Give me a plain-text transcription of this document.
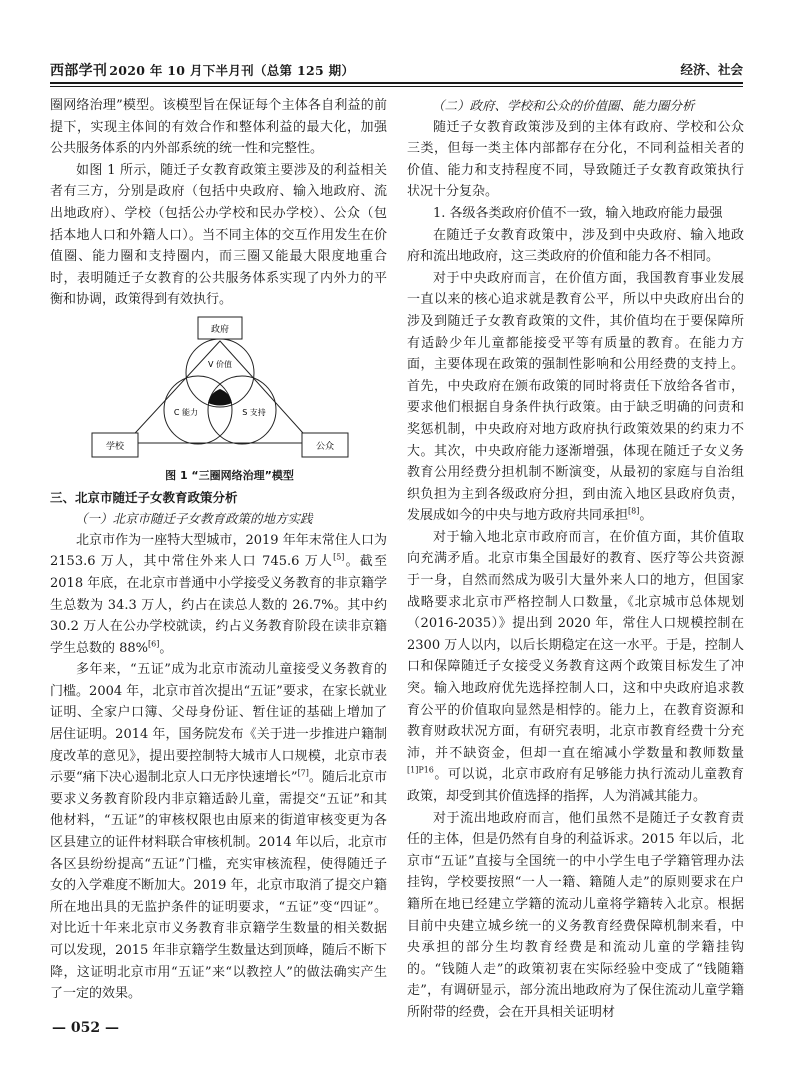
西部学刊 2020 年 10 月下半月刊（总第 125 期）	经济、社会

圈网络治理”模型。该模型旨在保证每个主体各自利益的前提下，实现主体间的有效合作和整体利益的最大化，加强公共服务体系的内外部系统的统一性和完整性。

如图 1 所示，随迁子女教育政策主要涉及的利益相关者有三方，分别是政府（包括中央政府、输入地政府、流出地政府）、学校（包括公办学校和民办学校）、公众（包括本地人口和外籍人口）。当不同主体的交互作用发生在价值圈、能力圈和支持圈内，而三圈又能最大限度地重合时，表明随迁子女教育的公共服务体系实现了内外力的平衡和协调，政策得到有效执行。

政府
学校	公众
V 价值
C 能力	S 支持

图 1 “三圈网络治理”模型

三、北京市随迁子女教育政策分析

（一）北京市随迁子女教育政策的地方实践

北京市作为一座特大型城市，2019 年年末常住人口为 2153.6 万人，其中常住外来人口 745.6 万人[5]。截至 2018 年底，在北京市普通中小学接受义务教育的非京籍学生总数为 34.3 万人，约占在读总人数的 26.7%。其中约 30.2 万人在公办学校就读，约占义务教育阶段在读非京籍学生总数的 88%[6]。

多年来，“五证”成为北京市流动儿童接受义务教育的门槛。2004 年，北京市首次提出“五证”要求，在家长就业证明、全家户口簿、父母身份证、暂住证的基础上增加了居住证明。2014 年，国务院发布《关于进一步推进户籍制度改革的意见》，提出要控制特大城市人口规模，北京市表示要“痛下决心遏制北京人口无序快速增长”[7]。随后北京市要求义务教育阶段内非京籍适龄儿童，需提交“五证”和其他材料，“五证”的审核权限也由原来的街道审核变更为各区县建立的证件材料联合审核机制。2014 年以后，北京市各区县纷纷提高“五证”门槛，充实审核流程，使得随迁子女的入学难度不断加大。2019 年，北京市取消了提交户籍所在地出具的无监护条件的证明要求，“五证”变“四证”。对比近十年来北京市义务教育非京籍学生数量的相关数据可以发现，2015 年非京籍学生数量达到顶峰，随后不断下降，这证明北京市用“五证”来“以教控人”的做法确实产生了一定的效果。

（二）政府、学校和公众的价值圈、能力圈分析

随迁子女教育政策涉及到的主体有政府、学校和公众三类，但每一类主体内部都存在分化，不同利益相关者的价值、能力和支持程度不同，导致随迁子女教育政策执行状况十分复杂。

1. 各级各类政府价值不一致，输入地政府能力最强

在随迁子女教育政策中，涉及到中央政府、输入地政府和流出地政府，这三类政府的价值和能力各不相同。

对于中央政府而言，在价值方面，我国教育事业发展一直以来的核心追求就是教育公平，所以中央政府出台的涉及到随迁子女教育政策的文件，其价值均在于要保障所有适龄少年儿童都能接受平等有质量的教育。在能力方面，主要体现在政策的强制性影响和公用经费的支持上。首先，中央政府在颁布政策的同时将责任下放给各省市，要求他们根据自身条件执行政策。由于缺乏明确的问责和奖惩机制，中央政府对地方政府执行政策效果的约束力不大。其次，中央政府能力逐渐增强，体现在随迁子女义务教育公用经费分担机制不断演变，从最初的家庭与自治组织负担为主到各级政府分担，到由流入地区县政府负责，发展成如今的中央与地方政府共同承担[8]。

对于输入地北京市政府而言，在价值方面，其价值取向充满矛盾。北京市集全国最好的教育、医疗等公共资源于一身，自然而然成为吸引大量外来人口的地方，但国家战略要求北京市严格控制人口数量，《北京城市总体规划（2016-2035）》提出到 2020 年，常住人口规模控制在 2300 万人以内，以后长期稳定在这一水平。于是，控制人口和保障随迁子女接受义务教育这两个政策目标发生了冲突。输入地政府优先选择控制人口，这和中央政府追求教育公平的价值取向显然是相悖的。能力上，在教育资源和教育财政状况方面，有研究表明，北京市教育经费十分充沛，并不缺资金，但却一直在缩减小学数量和教师数量$^{[1]P16}$。可以说，北京市政府有足够能力执行流动儿童教育政策，却受到其价值选择的指挥，人为消减其能力。

对于流出地政府而言，他们虽然不是随迁子女教育责任的主体，但是仍然有自身的利益诉求。2015 年以后，北京市“五证”直接与全国统一的中小学生电子学籍管理办法挂钩，学校要按照“一人一籍、籍随人走”的原则要求在户籍所在地已经建立学籍的流动儿童将学籍转入北京。根据目前中央建立城乡统一的义务教育经费保障机制来看，中央承担的部分生均教育经费是和流动儿童的学籍挂钩的。“钱随人走”的政策初衷在实际经验中变成了“钱随籍走”，有调研显示，部分流出地政府为了保住流动儿童学籍所附带的经费，会在开具相关证明材

— 052 —
